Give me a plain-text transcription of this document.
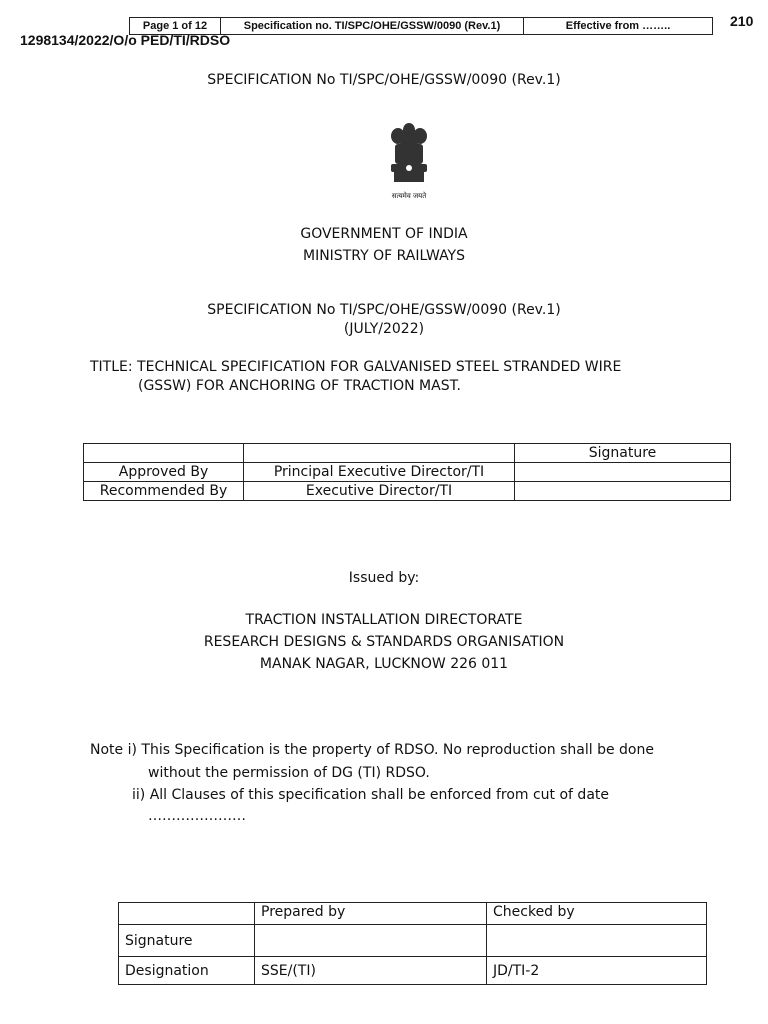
Page 1 of 12	Specification no. TI/SPC/OHE/GSSW/0090 (Rev.1)	Effective from ……..	210
1298134/2022/O/o PED/TI/RDSO
SPECIFICATION No TI/SPC/OHE/GSSW/0090 (Rev.1)
सत्यमेव जयते
GOVERNMENT OF INDIA
MINISTRY OF RAILWAYS
SPECIFICATION No TI/SPC/OHE/GSSW/0090 (Rev.1)
(JULY/2022)
TITLE: TECHNICAL SPECIFICATION FOR GALVANISED STEEL STRANDED WIRE
(GSSW) FOR ANCHORING OF TRACTION MAST.
		Signature
Approved By	Principal Executive Director/TI	
Recommended By	Executive Director/TI	
Issued by:
TRACTION INSTALLATION DIRECTORATE
RESEARCH DESIGNS & STANDARDS ORGANISATION
MANAK NAGAR, LUCKNOW 226 011
Note i) This Specification is the property of RDSO. No reproduction shall be done
without the permission of DG (TI) RDSO.
ii) All Clauses of this specification shall be enforced from cut of date
…………………
	Prepared by	Checked by
Signature		
Designation	SSE/(TI)	JD/TI-2
